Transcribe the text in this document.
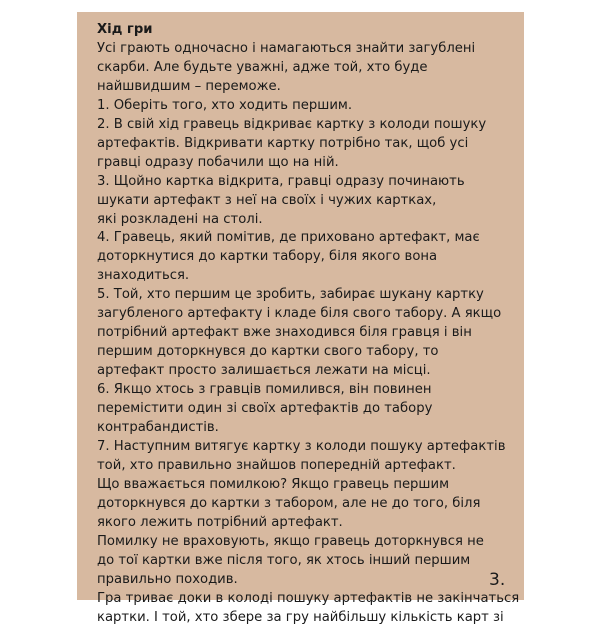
Хід гри
Усі грають одночасно і намагаються знайти загублені
скарби. Але будьте уважні, адже той, хто буде
найшвидшим – переможе.
1. Оберіть того, хто ходить першим.
2. В свій хід гравець відкриває картку з колоди пошуку
артефактів. Відкривати картку потрібно так, щоб усі
гравці одразу побачили що на ній.
3. Щойно картка відкрита, гравці одразу починають
шукати артефакт з неї на своїх і чужих картках,
які розкладені на столі.
4. Гравець, який помітив, де приховано артефакт, має
доторкнутися до картки табору, біля якого вона
знаходиться.
5. Той, хто першим це зробить, забирає шукану картку
загубленого артефакту і кладе біля свого табору. А якщо
потрібний артефакт вже знаходився біля гравця і він
першим доторкнувся до картки свого табору, то
артефакт просто залишається лежати на місці.
6. Якщо хтось з гравців помилився, він повинен
перемістити один зі своїх артефактів до табору
контрабандистів.
7. Наступним витягує картку з колоди пошуку артефактів
той, хто правильно знайшов попередній артефакт.
Що вважається помилкою? Якщо гравець першим
доторкнувся до картки з табором, але не до того, біля
якого лежить потрібний артефакт.
Помилку не враховують, якщо гравець доторкнувся не
до тої картки вже після того, як хтось інший першим
правильно походив.
Гра триває доки в колоді пошуку артефактів не закінчаться
картки. І той, хто збере за гру найбільшу кількість карт зі
3.
